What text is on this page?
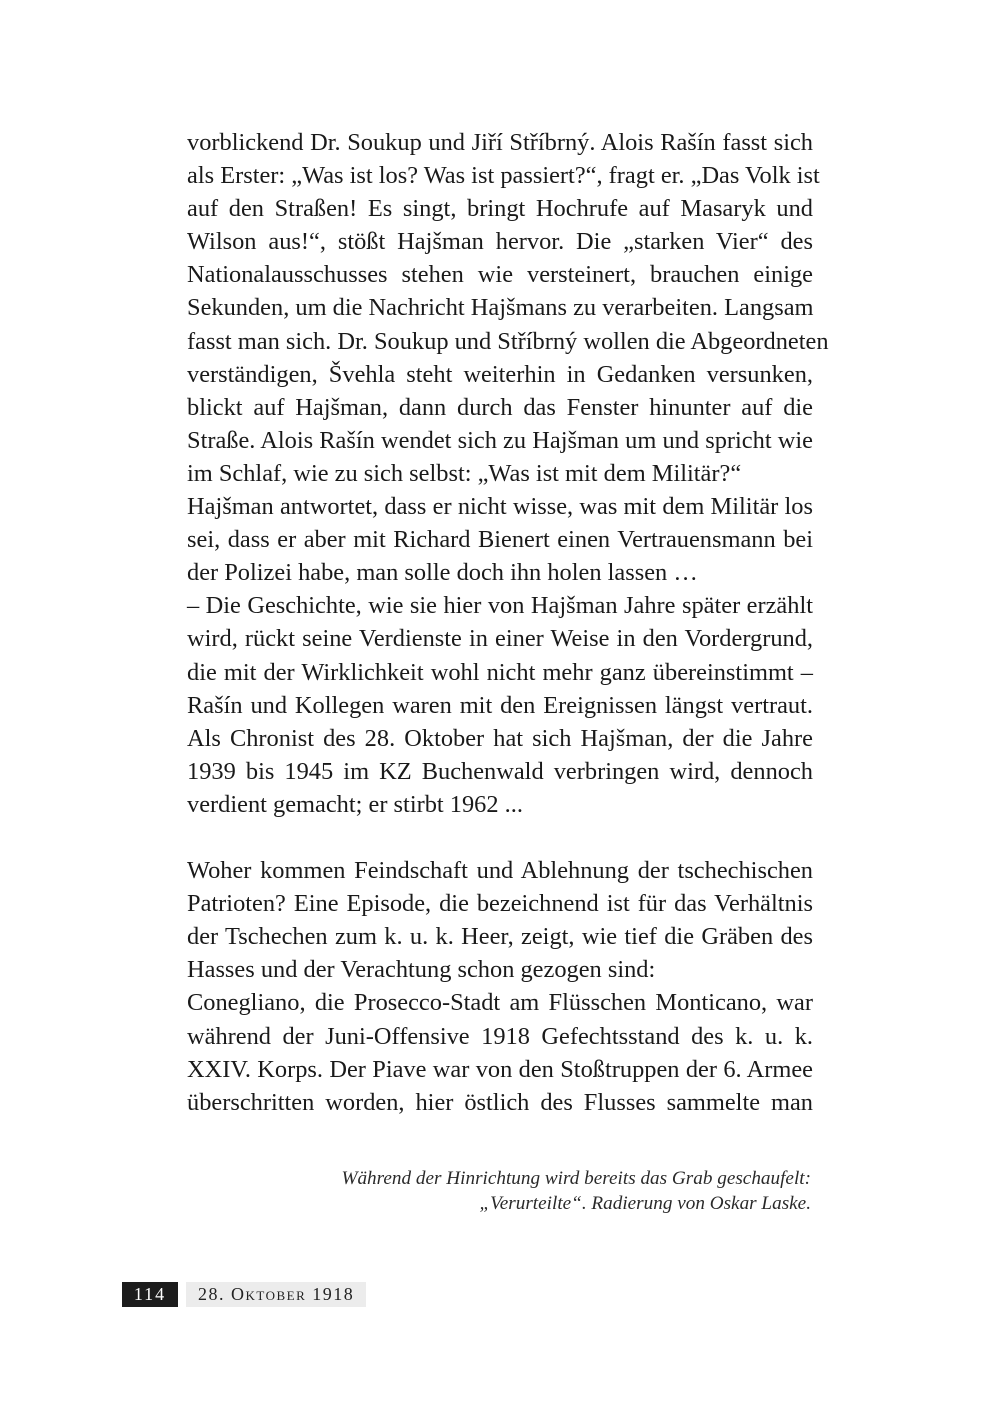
vorblickend Dr. Soukup und Jiří Stříbrný. Alois Rašín fasst sich
als Erster: „Was ist los? Was ist passiert?“, fragt er. „Das Volk ist
auf den Straßen! Es singt, bringt Hochrufe auf Masaryk und
Wilson aus!“, stößt Hajšman hervor. Die „starken Vier“ des
Nationalausschusses stehen wie versteinert, brauchen einige
Sekunden, um die Nachricht Hajšmans zu verarbeiten. Langsam
fasst man sich. Dr. Soukup und Stříbrný wollen die Abgeordneten
verständigen, Švehla steht weiterhin in Gedanken versunken,
blickt auf Hajšman, dann durch das Fenster hinunter auf die
Straße. Alois Rašín wendet sich zu Hajšman um und spricht wie
im Schlaf, wie zu sich selbst: „Was ist mit dem Militär?“
Hajšman antwortet, dass er nicht wisse, was mit dem Militär los
sei, dass er aber mit Richard Bienert einen Vertrauensmann bei
der Polizei habe, man solle doch ihn holen lassen …
– Die Geschichte, wie sie hier von Hajšman Jahre später erzählt
wird, rückt seine Verdienste in einer Weise in den Vordergrund,
die mit der Wirklichkeit wohl nicht mehr ganz übereinstimmt –
Rašín und Kollegen waren mit den Ereignissen längst vertraut.
Als Chronist des 28. Oktober hat sich Hajšman, der die Jahre
1939 bis 1945 im KZ Buchenwald verbringen wird, dennoch
verdient gemacht; er stirbt 1962 ...
Woher kommen Feindschaft und Ablehnung der tschechischen
Patrioten? Eine Episode, die bezeichnend ist für das Verhältnis
der Tschechen zum k. u. k. Heer, zeigt, wie tief die Gräben des
Hasses und der Verachtung schon gezogen sind:
Conegliano, die Prosecco-Stadt am Flüsschen Monticano, war
während der Juni-Offensive 1918 Gefechtsstand des k. u. k.
XXIV. Korps. Der Piave war von den Stoßtruppen der 6. Armee
überschritten worden, hier östlich des Flusses sammelte man
Während der Hinrichtung wird bereits das Grab geschaufelt:
„Verurteilte“. Radierung von Oskar Laske.
114	28. Oktober 1918
